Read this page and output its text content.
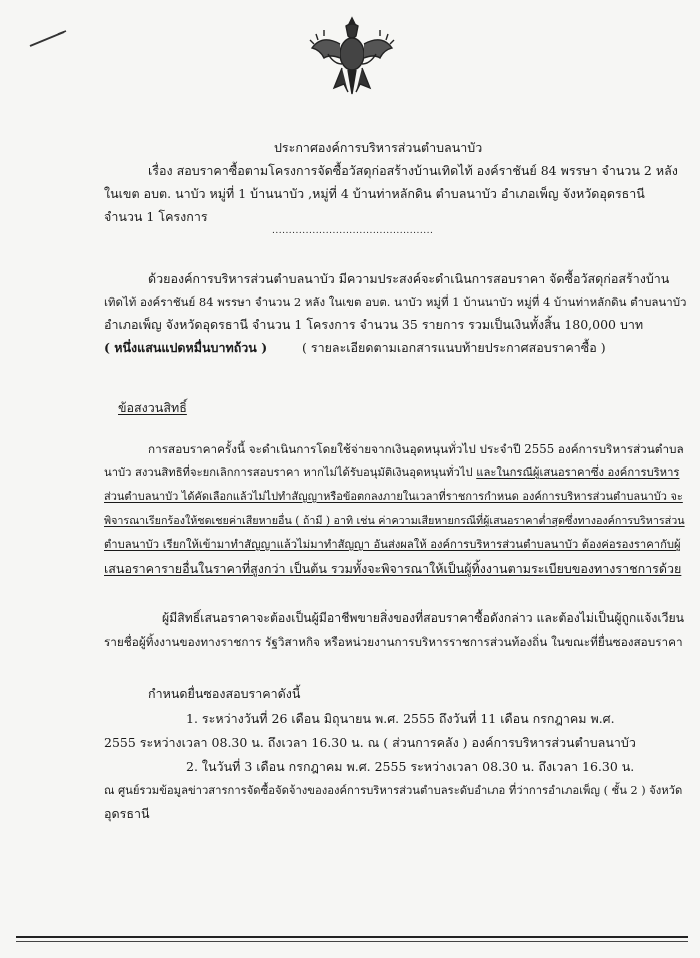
ประกาศองค์การบริหารส่วนตำบลนาบัว
เรื่อง สอบราคาซื้อตามโครงการจัดซื้อวัสดุก่อสร้างบ้านเทิดไท้ องค์ราชันย์ 84 พรรษา จำนวน 2 หลัง
ในเขต อบต. นาบัว หมู่ที่ 1 บ้านนาบัว ,หมู่ที่ 4 บ้านท่าหลักดิน ตำบลนาบัว อำเภอเพ็ญ จังหวัดอุดรธานี
จำนวน 1 โครงการ
ด้วยองค์การบริหารส่วนตำบลนาบัว มีความประสงค์จะดำเนินการสอบราคา จัดซื้อวัสดุก่อสร้างบ้าน
เทิดไท้ องค์ราชันย์ 84 พรรษา จำนวน 2 หลัง ในเขต อบต. นาบัว หมู่ที่ 1 บ้านนาบัว หมู่ที่ 4 บ้านท่าหลักดิน ตำบลนาบัว
อำเภอเพ็ญ จังหวัดอุดรธานี จำนวน 1 โครงการ จำนวน 35 รายการ รวมเป็นเงินทั้งสิ้น 180,000 บาท
( หนึ่งแสนแปดหมื่นบาทถ้วน )	( รายละเอียดตามเอกสารแนบท้ายประกาศสอบราคาซื้อ )
ข้อสงวนสิทธิ์
การสอบราคาครั้งนี้ จะดำเนินการโดยใช้จ่ายจากเงินอุดหนุนทั่วไป ประจำปี 2555 องค์การบริหารส่วนตำบล
นาบัว สงวนสิทธิที่จะยกเลิกการสอบราคา หากไม่ได้รับอนุมัติเงินอุดหนุนทั่วไป และในกรณีผู้เสนอราคาซึ่ง องค์การบริหาร
ส่วนตำบลนาบัว ได้คัดเลือกแล้วไม่ไปทำสัญญาหรือข้อตกลงภายในเวลาที่ราชการกำหนด องค์การบริหารส่วนตำบลนาบัว จะ
พิจารณาเรียกร้องให้ชดเชยค่าเสียหายอื่น ( ถ้ามี ) อาทิ เช่น ค่าความเสียหายกรณีที่ผู้เสนอราคาต่ำสุดซึ่งทางองค์การบริหารส่วน
ตำบลนาบัว เรียกให้เข้ามาทำสัญญาแล้วไม่มาทำสัญญา อันส่งผลให้ องค์การบริหารส่วนตำบลนาบัว ต้องค่อรองราคากับผู้
เสนอราคารายอื่นในราคาที่สูงกว่า เป็นต้น รวมทั้งจะพิจารณาให้เป็นผู้ทิ้งงานตามระเบียบของทางราชการด้วย
ผู้มีสิทธิ์เสนอราคาจะต้องเป็นผู้มีอาชีพขายสิ่งของที่สอบราคาซื้อดังกล่าว และต้องไม่เป็นผู้ถูกแจ้งเวียน
รายชื่อผู้ทิ้งงานของทางราชการ รัฐวิสาหกิจ หรือหน่วยงานการบริหารราชการส่วนท้องถิ่น ในขณะที่ยื่นซองสอบราคา
กำหนดยื่นซองสอบราคาดังนี้
1. ระหว่างวันที่ 26 เดือน มิถุนายน พ.ศ. 2555 ถึงวันที่ 11 เดือน กรกฎาคม พ.ศ.
2555 ระหว่างเวลา 08.30 น. ถึงเวลา 16.30 น. ณ ( ส่วนการคลัง ) องค์การบริหารส่วนตำบลนาบัว
2. ในวันที่ 3 เดือน กรกฎาคม พ.ศ. 2555 ระหว่างเวลา 08.30 น. ถึงเวลา 16.30 น.
ณ ศูนย์รวมข้อมูลข่าวสารการจัดซื้อจัดจ้างขององค์การบริหารส่วนตำบลระดับอำเภอ ที่ว่าการอำเภอเพ็ญ ( ชั้น 2 ) จังหวัด
อุดรธานี
................................................
